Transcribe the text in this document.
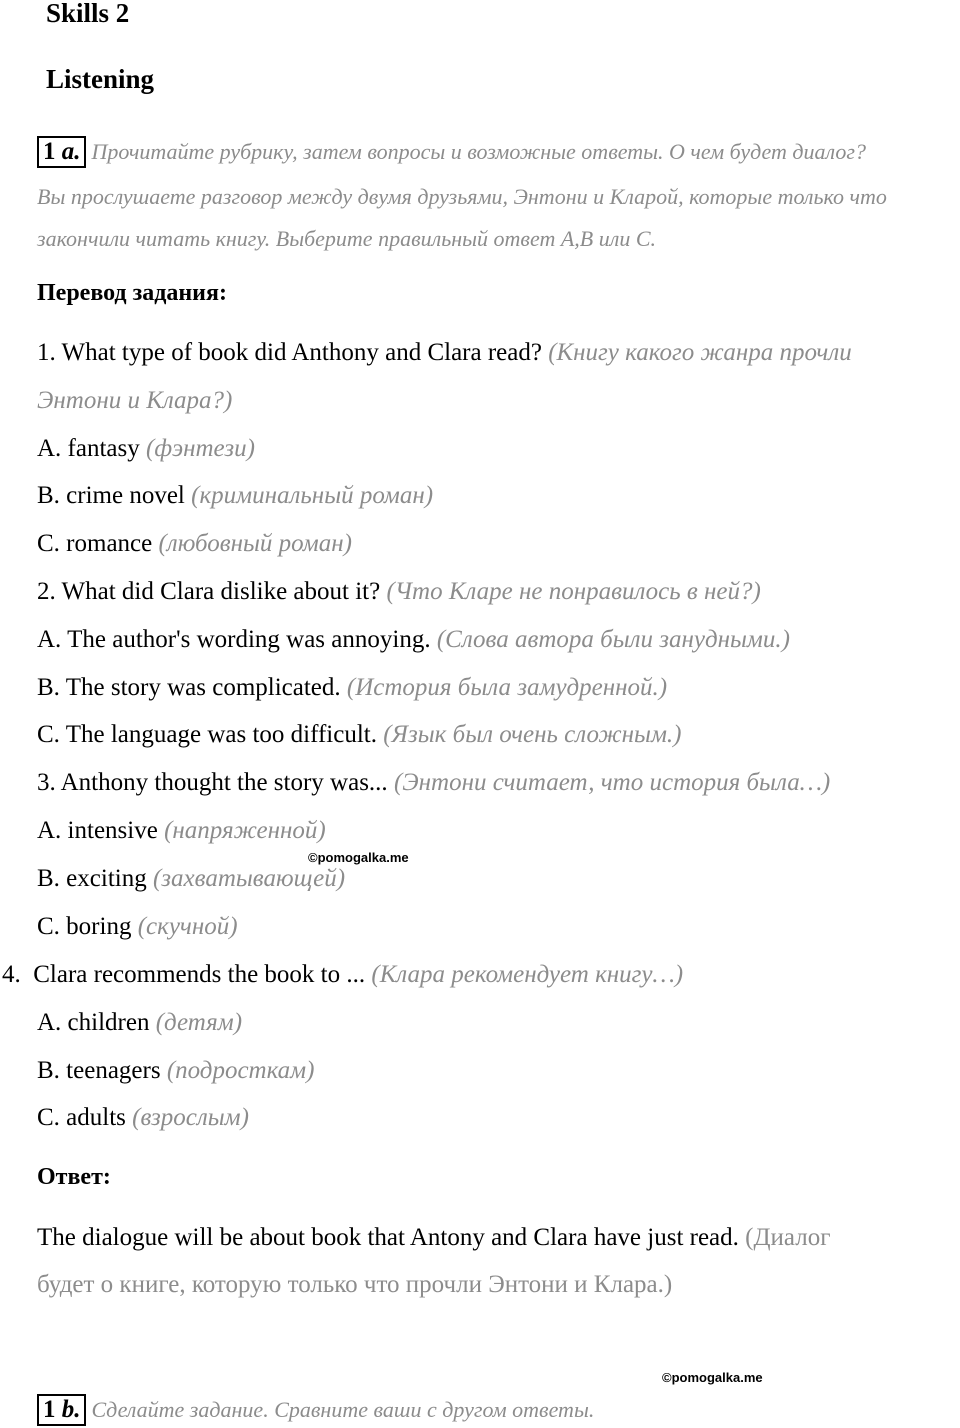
Skills 2
Listening
1 a. Прочитайте рубрику, затем вопросы и возможные ответы. О чем будет диалог?
Вы прослушаете разговор между двумя друзьями, Энтони и Кларой, которые только что
закончили читать книгу. Выберите правильный ответ A,B или С.
Перевод задания:
1. What type of book did Anthony and Clara read? (Книгу какого жанра прочли
Энтони и Клара?)
A. fantasy (фэнтези)
B. crime novel (криминальный роман)
C. romance (любовный роман)
2. What did Clara dislike about it? (Что Кларе не понравилось в ней?)
A. The author's wording was annoying. (Слова автора были занудными.)
B. The story was complicated. (История была замудренной.)
C. The language was too difficult. (Язык был очень сложным.)
3. Anthony thought the story was... (Энтони считает, что история была…)
A. intensive (напряженной)
©pomogalka.me
B. exciting (захватывающей)
C. boring (скучной)
4. Clara recommends the book to ... (Клара рекомендует книгу…)
A. children (детям)
B. teenagers (подросткам)
C. adults (взрослым)
Ответ:
The dialogue will be about book that Antony and Clara have just read. (Диалог
будет о книге, которую только что прочли Энтони и Клара.)
©pomogalka.me
1 b. Сделайте задание. Сравните ваши с другом ответы.
